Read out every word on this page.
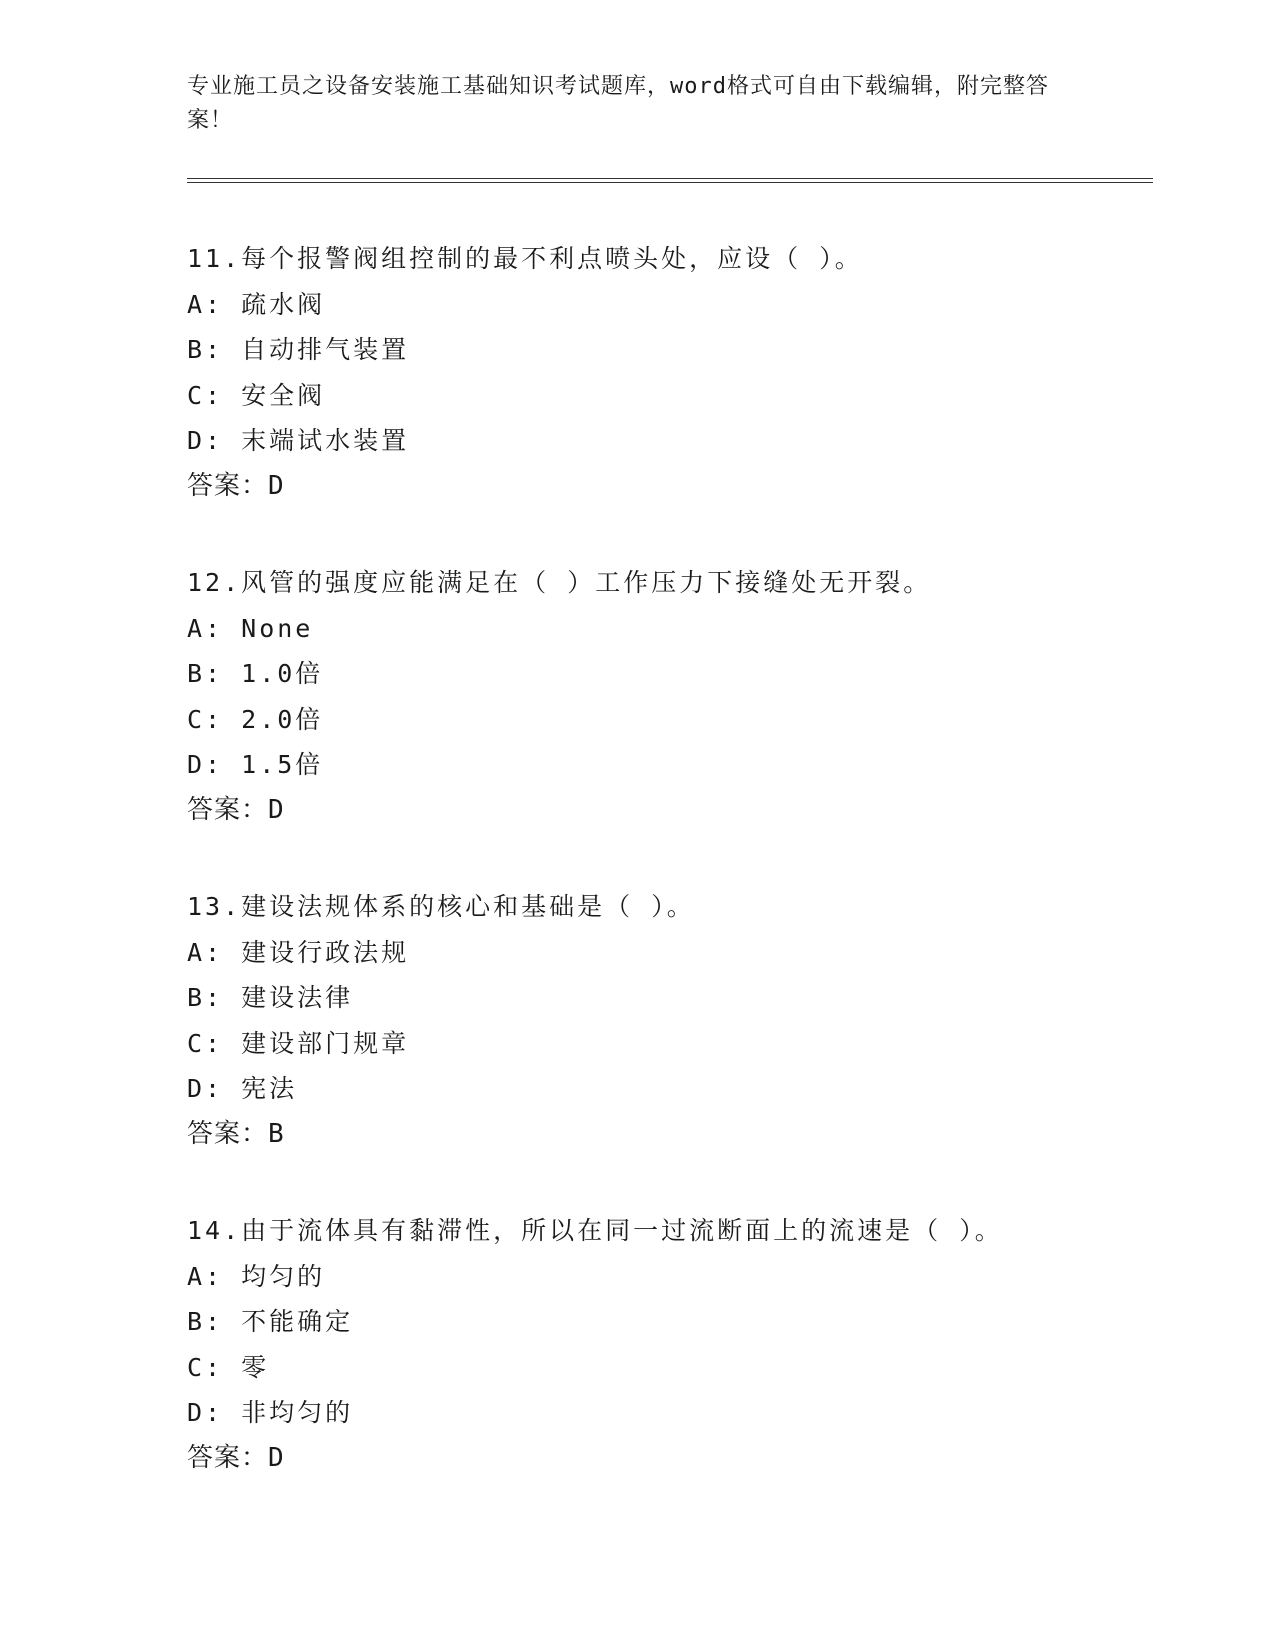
专业施工员之设备安装施工基础知识考试题库，word格式可自由下载编辑，附完整答案！
11.每个报警阀组控制的最不利点喷头处，应设（ ）。
A: 疏水阀
B: 自动排气装置
C: 安全阀
D: 末端试水装置
答案：D
12.风管的强度应能满足在（ ）工作压力下接缝处无开裂。
A: None
B: 1.0倍
C: 2.0倍
D: 1.5倍
答案：D
13.建设法规体系的核心和基础是（ ）。
A: 建设行政法规
B: 建设法律
C: 建设部门规章
D: 宪法
答案：B
14.由于流体具有黏滞性，所以在同一过流断面上的流速是（ ）。
A: 均匀的
B: 不能确定
C: 零
D: 非均匀的
答案：D
